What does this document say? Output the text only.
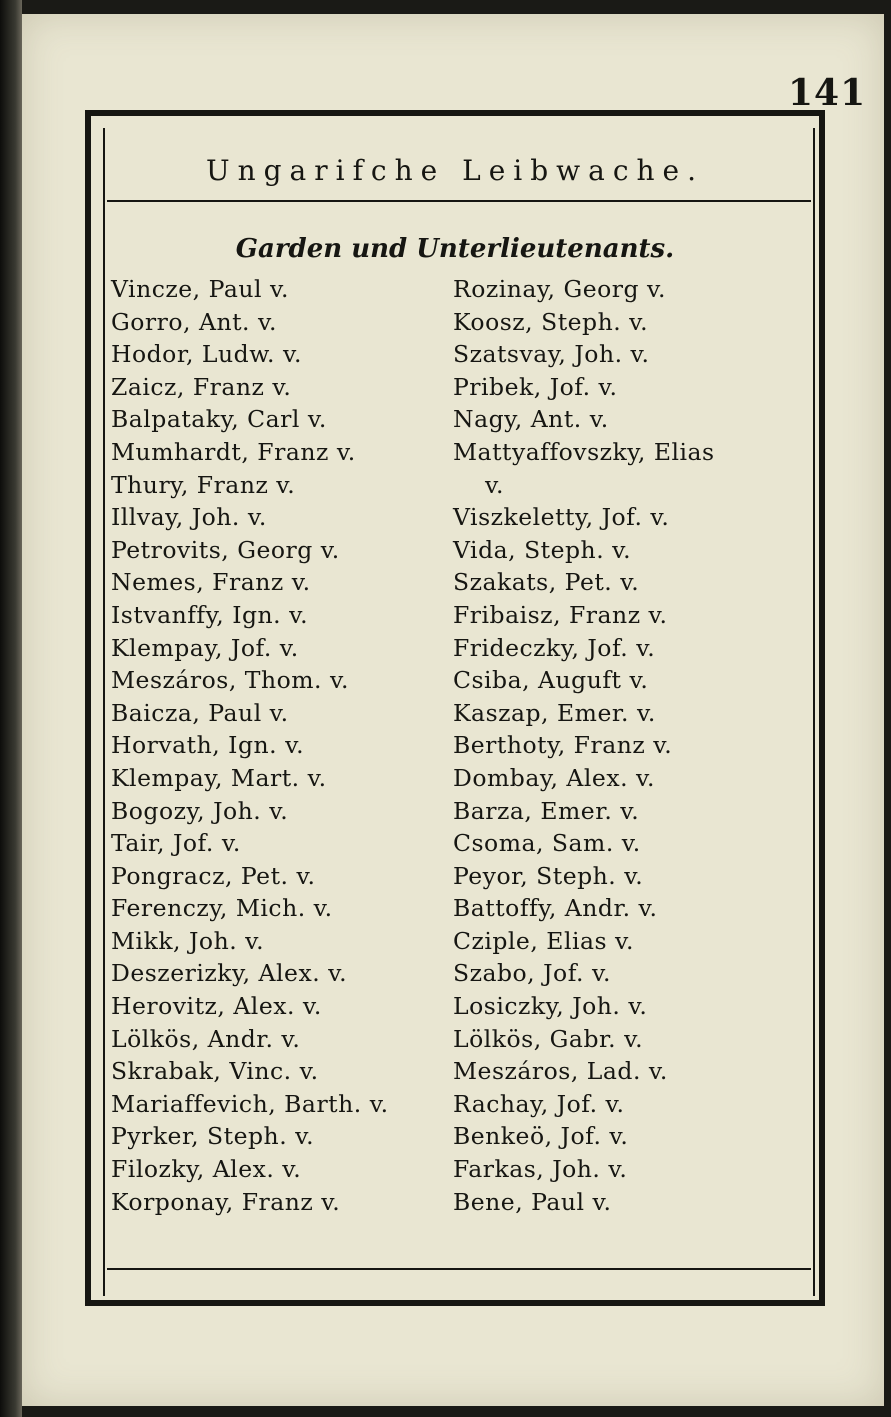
141
Ungarifche Leibwache.
Garden und Unterlieutenants.
Vincze, Paul v.
Gorro, Ant. v.
Hodor, Ludw. v.
Zaicz, Franz v.
Balpataky, Carl v.
Mumhardt, Franz v.
Thury, Franz v.
Illvay, Joh. v.
Petrovits, Georg v.
Nemes, Franz v.
Istvanffy, Ign. v.
Klempay, Jof. v.
Meszáros, Thom. v.
Baicza, Paul v.
Horvath, Ign. v.
Klempay, Mart. v.
Bogozy, Joh. v.
Tair, Jof. v.
Pongracz, Pet. v.
Ferenczy, Mich. v.
Mikk, Joh. v.
Deszerizky, Alex. v.
Herovitz, Alex. v.
Lölkös, Andr. v.
Skrabak, Vinc. v.
Mariaffevich, Barth. v.
Pyrker, Steph. v.
Filozky, Alex. v.
Korponay, Franz v.
Rozinay, Georg v.
Koosz, Steph. v.
Szatsvay, Joh. v.
Pribek, Jof. v.
Nagy, Ant. v.
Mattyaffovszky, Elias
v.
Viszkeletty, Jof. v.
Vida, Steph. v.
Szakats, Pet. v.
Fribaisz, Franz v.
Frideczky, Jof. v.
Csiba, Auguft v.
Kaszap, Emer. v.
Berthoty, Franz v.
Dombay, Alex. v.
Barza, Emer. v.
Csoma, Sam. v.
Peyor, Steph. v.
Battoffy, Andr. v.
Cziple, Elias v.
Szabo, Jof. v.
Losiczky, Joh. v.
Lölkös, Gabr. v.
Meszáros, Lad. v.
Rachay, Jof. v.
Benkeö, Jof. v.
Farkas, Joh. v.
Bene, Paul v.
